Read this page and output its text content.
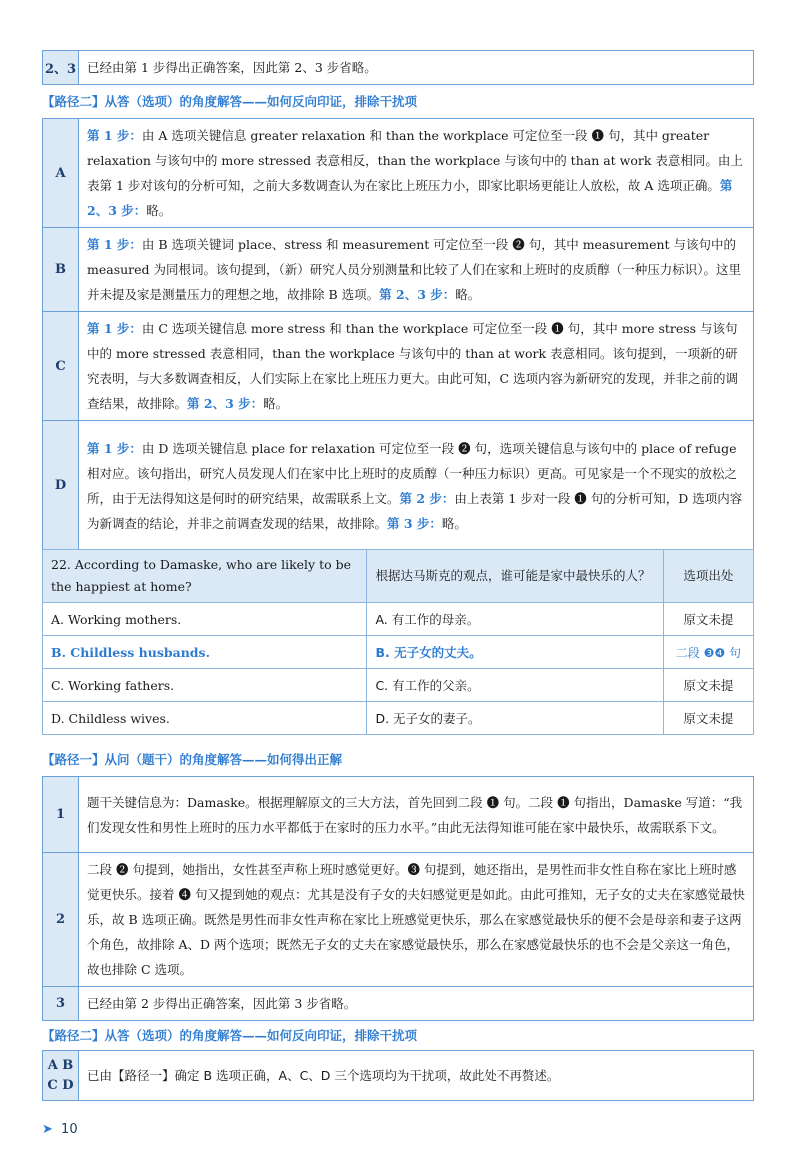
2、3	已经由第 1 步得出正确答案，因此第 2、3 步省略。
【路径二】从答（选项）的角度解答——如何反向印证，排除干扰项
A	第 1 步：由 A 选项关键信息 greater relaxation 和 than the workplace 可定位至一段 ❶ 句，其中 greater relaxation 与该句中的 more stressed 表意相反，than the workplace 与该句中的 than at work 表意相同。由上表第 1 步对该句的分析可知，之前大多数调查认为在家比上班压力小，即家比职场更能让人放松，故 A 选项正确。第 2、3 步：略。
B	第 1 步：由 B 选项关键词 place、stress 和 measurement 可定位至一段 ❷ 句，其中 measurement 与该句中的 measured 为同根词。该句提到，（新）研究人员分别测量和比较了人们在家和上班时的皮质醇（一种压力标识）。这里并未提及家是测量压力的理想之地，故排除 B 选项。第 2、3 步：略。
C	第 1 步：由 C 选项关键信息 more stress 和 than the workplace 可定位至一段 ❶ 句，其中 more stress 与该句中的 more stressed 表意相同，than the workplace 与该句中的 than at work 表意相同。该句提到，一项新的研究表明，与大多数调查相反，人们实际上在家比上班压力更大。由此可知，C 选项内容为新研究的发现，并非之前的调查结果，故排除。第 2、3 步：略。
D	第 1 步：由 D 选项关键信息 place for relaxation 可定位至一段 ❷ 句，选项关键信息与该句中的 place of refuge 相对应。该句指出，研究人员发现人们在家中比上班时的皮质醇（一种压力标识）更高。可见家是一个不现实的放松之所，由于无法得知这是何时的研究结果，故需联系上文。第 2 步：由上表第 1 步对一段 ❶ 句的分析可知，D 选项内容为新调查的结论，并非之前调查发现的结果，故排除。第 3 步：略。
22. According to Damaske, who are likely to be the happiest at home?	根据达马斯克的观点，谁可能是家中最快乐的人？	选项出处
A. Working mothers.	A. 有工作的母亲。	原文未提
B. Childless husbands.	B. 无子女的丈夫。	二段 ❸❹ 句
C. Working fathers.	C. 有工作的父亲。	原文未提
D. Childless wives.	D. 无子女的妻子。	原文未提
【路径一】从问（题干）的角度解答——如何得出正解
1	题干关键信息为：Damaske。根据理解原文的三大方法，首先回到二段 ❶ 句。二段 ❶ 句指出，Damaske 写道：“我们发现女性和男性上班时的压力水平都低于在家时的压力水平。”由此无法得知谁可能在家中最快乐，故需联系下文。
2	二段 ❷ 句提到，她指出，女性甚至声称上班时感觉更好。❸ 句提到，她还指出，是男性而非女性自称在家比上班时感觉更快乐。接着 ❹ 句又提到她的观点：尤其是没有子女的夫妇感觉更是如此。由此可推知，无子女的丈夫在家感觉最快乐，故 B 选项正确。既然是男性而非女性声称在家比上班感觉更快乐，那么在家感觉最快乐的便不会是母亲和妻子这两个角色，故排除 A、D 两个选项；既然无子女的丈夫在家感觉最快乐，那么在家感觉最快乐的也不会是父亲这一角色，故也排除 C 选项。
3	已经由第 2 步得出正确答案，因此第 3 步省略。
【路径二】从答（选项）的角度解答——如何反向印证，排除干扰项
A B
C D
	已由【路径一】确定 B 选项正确，A、C、D 三个选项均为干扰项，故此处不再赘述。
➤ 10
